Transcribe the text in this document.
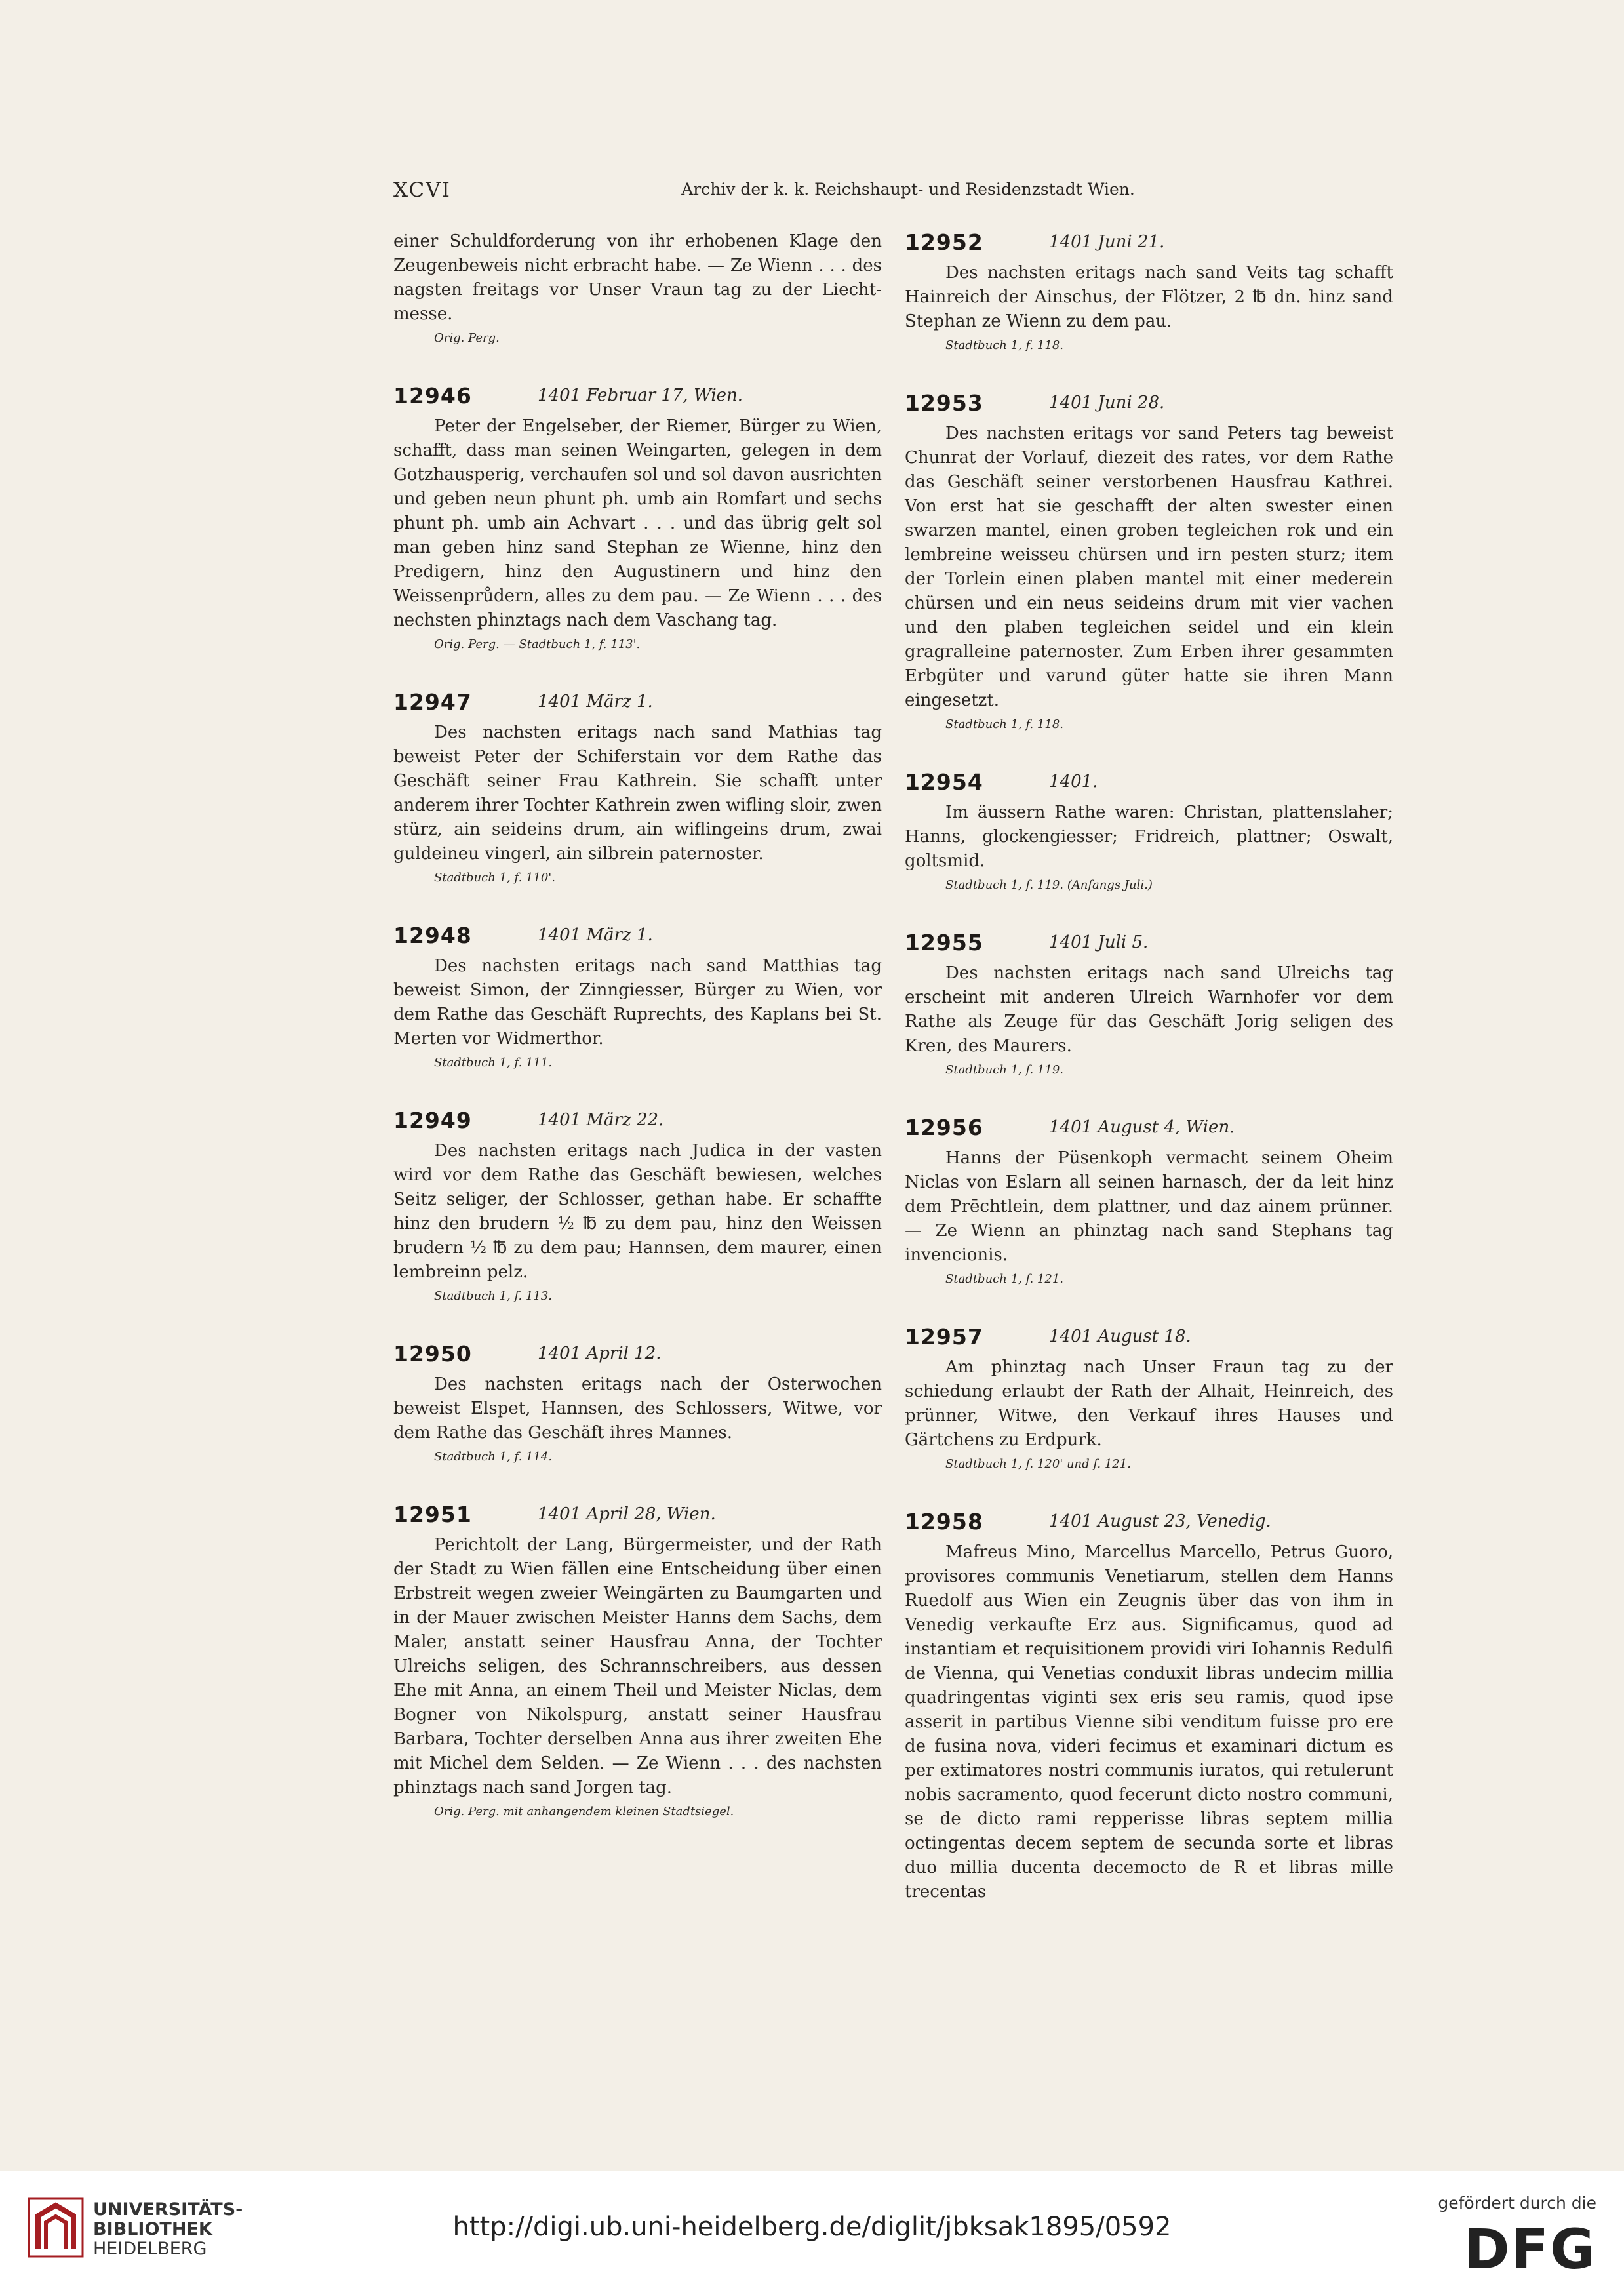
XCVI	Archiv der k. k. Reichshaupt- und Residenzstadt Wien.
einer Schuldforderung von ihr erhobenen Klage den Zeugenbeweis nicht erbracht habe. — Ze Wienn . . . des nagsten freitags vor Unser Vraun tag zu der Liecht-messe.
Orig. Perg.
12946	1401 Februar 17, Wien.
Peter der Engelseber, der Riemer, Bürger zu Wien, schafft, dass man seinen Weingarten, gelegen in dem Gotzhausperig, verchaufen sol und sol davon ausrichten und geben neun phunt ph. umb ain Romfart und sechs phunt ph. umb ain Achvart . . . und das übrig gelt sol man geben hinz sand Stephan ze Wienne, hinz den Predigern, hinz den Augustinern und hinz den Weissenprůdern, alles zu dem pau. — Ze Wienn . . . des nechsten phinztags nach dem Vaschang tag.
Orig. Perg. — Stadtbuch 1, f. 113'.
12947	1401 März 1.
Des nachsten eritags nach sand Mathias tag beweist Peter der Schiferstain vor dem Rathe das Geschäft seiner Frau Kathrein. Sie schafft unter anderem ihrer Tochter Kathrein zwen wifling sloir, zwen stürz, ain seideins drum, ain wiflingeins drum, zwai guldeineu vingerl, ain silbrein paternoster.
Stadtbuch 1, f. 110'.
12948	1401 März 1.
Des nachsten eritags nach sand Matthias tag beweist Simon, der Zinngiesser, Bürger zu Wien, vor dem Rathe das Geschäft Ruprechts, des Kaplans bei St. Merten vor Widmerthor.
Stadtbuch 1, f. 111.
12949	1401 März 22.
Des nachsten eritags nach Judica in der vasten wird vor dem Rathe das Geschäft bewiesen, welches Seitz seliger, der Schlosser, gethan habe. Er schaffte hinz den brudern ½ ℔ zu dem pau, hinz den Weissen brudern ½ ℔ zu dem pau; Hannsen, dem maurer, einen lembreinn pelz.
Stadtbuch 1, f. 113.
12950	1401 April 12.
Des nachsten eritags nach der Osterwochen beweist Elspet, Hannsen, des Schlossers, Witwe, vor dem Rathe das Geschäft ihres Mannes.
Stadtbuch 1, f. 114.
12951	1401 April 28, Wien.
Perichtolt der Lang, Bürgermeister, und der Rath der Stadt zu Wien fällen eine Entscheidung über einen Erbstreit wegen zweier Weingärten zu Baumgarten und in der Mauer zwischen Meister Hanns dem Sachs, dem Maler, anstatt seiner Hausfrau Anna, der Tochter Ulreichs seligen, des Schrannschreibers, aus dessen Ehe mit Anna, an einem Theil und Meister Niclas, dem Bogner von Nikolspurg, anstatt seiner Hausfrau Barbara, Tochter derselben Anna aus ihrer zweiten Ehe mit Michel dem Selden. — Ze Wienn . . . des nachsten phinztags nach sand Jorgen tag.
Orig. Perg. mit anhangendem kleinen Stadtsiegel.
12952	1401 Juni 21.
Des nachsten eritags nach sand Veits tag schafft Hainreich der Ainschus, der Flötzer, 2 ℔ dn. hinz sand Stephan ze Wienn zu dem pau.
Stadtbuch 1, f. 118.
12953	1401 Juni 28.
Des nachsten eritags vor sand Peters tag beweist Chunrat der Vorlauf, diezeit des rates, vor dem Rathe das Geschäft seiner verstorbenen Hausfrau Kathrei. Von erst hat sie geschafft der alten swester einen swarzen mantel, einen groben tegleichen rok und ein lembreine weisseu chürsen und irn pesten sturz; item der Torlein einen plaben mantel mit einer mederein chürsen und ein neus seideins drum mit vier vachen und den plaben tegleichen seidel und ein klein gragralleine paternoster. Zum Erben ihrer gesammten Erbgüter und varund güter hatte sie ihren Mann eingesetzt.
Stadtbuch 1, f. 118.
12954	1401.
Im äussern Rathe waren: Christan, plattenslaher; Hanns, glockengiesser; Fridreich, plattner; Oswalt, goltsmid.
Stadtbuch 1, f. 119. (Anfangs Juli.)
12955	1401 Juli 5.
Des nachsten eritags nach sand Ulreichs tag erscheint mit anderen Ulreich Warnhofer vor dem Rathe als Zeuge für das Geschäft Jorig seligen des Kren, des Maurers.
Stadtbuch 1, f. 119.
12956	1401 August 4, Wien.
Hanns der Püsenkoph vermacht seinem Oheim Niclas von Eslarn all seinen harnasch, der da leit hinz dem Prēchtlein, dem plattner, und daz ainem prünner. — Ze Wienn an phinztag nach sand Stephans tag invencionis.
Stadtbuch 1, f. 121.
12957	1401 August 18.
Am phinztag nach Unser Fraun tag zu der schiedung erlaubt der Rath der Alhait, Heinreich, des prünner, Witwe, den Verkauf ihres Hauses und Gärtchens zu Erdpurk.
Stadtbuch 1, f. 120' und f. 121.
12958	1401 August 23, Venedig.
Mafreus Mino, Marcellus Marcello, Petrus Guoro, provisores communis Venetiarum, stellen dem Hanns Ruedolf aus Wien ein Zeugnis über das von ihm in Venedig verkaufte Erz aus. Significamus, quod ad instantiam et requisitionem providi viri Iohannis Redulfi de Vienna, qui Venetias conduxit libras undecim millia quadringentas viginti sex eris seu ramis, quod ipse asserit in partibus Vienne sibi venditum fuisse pro ere de fusina nova, videri fecimus et examinari dictum es per extimatores nostri communis iuratos, qui retulerunt nobis sacramento, quod fecerunt dicto nostro communi, se de dicto rami repperisse libras septem millia octingentas decem septem de secunda sorte et libras duo millia ducenta decemocto de R et libras mille trecentas
UNIVERSITÄTS-
BIBLIOTHEK
HEIDELBERG
http://digi.ub.uni-heidelberg.de/diglit/jbksak1895/0592
gefördert durch die
DFG
